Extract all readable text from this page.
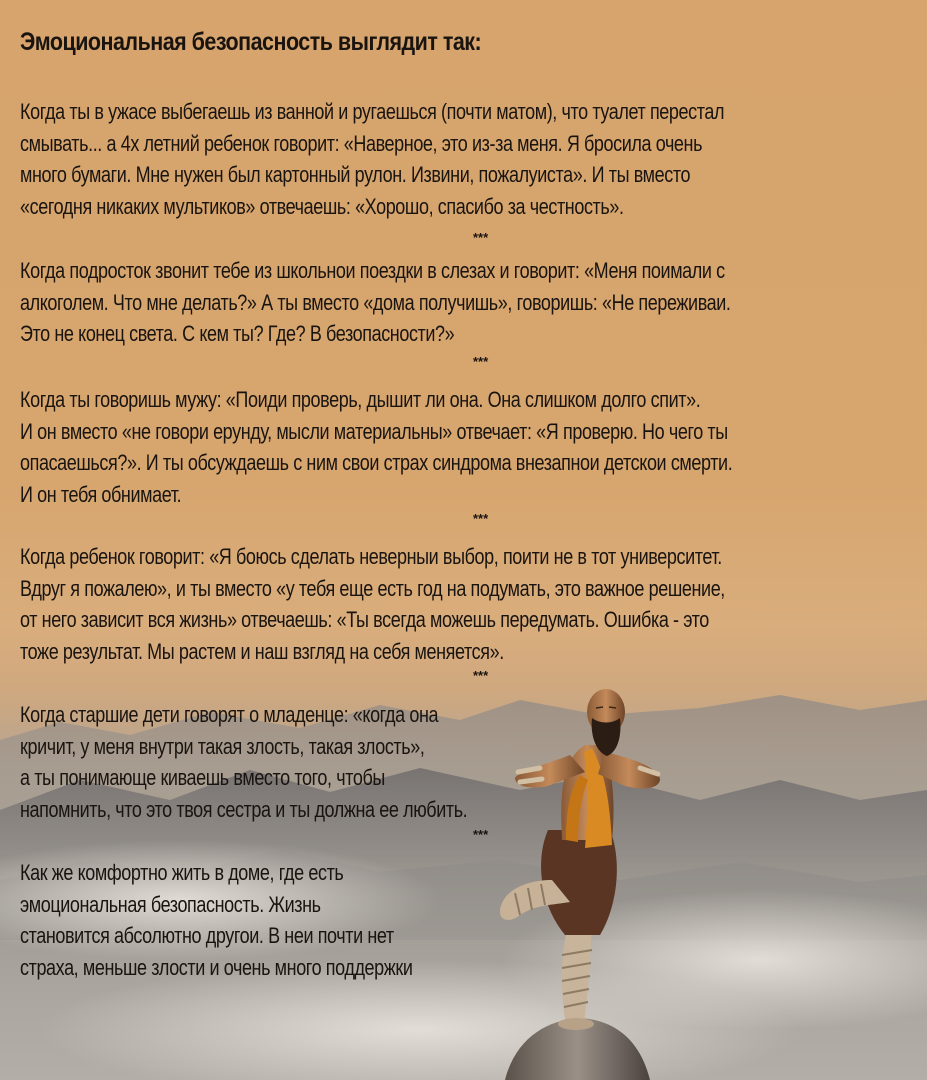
Эмоциональная безопасность выглядит так:
Когда ты в ужасе выбегаешь из ванной и ругаешься (почти матом), что туалет перестал
смывать... а 4х летний ребенок говорит: «Наверное, это из-за меня. Я бросила очень
много бумаги. Мне нужен был картонный рулон. Извини, пожалуиста». И ты вместо
«сегодня никаких мультиков» отвечаешь: «Хорошо, спасибо за честность».
***
Когда подросток звонит тебе из школьнои поездки в слезах и говорит: «Меня поимали с
алкоголем. Что мне делать?» А ты вместо «дома получишь», говоришь: «Не переживаи.
Это не конец света. С кем ты? Где? В безопасности?»
***
Когда ты говоришь мужу: «Поиди проверь, дышит ли она. Она слишком долго спит».
И он вместо «не говори ерунду, мысли материальны» отвечает: «Я проверю. Но чего ты
опасаешься?». И ты обсуждаешь с ним свои страх синдрома внезапнои детскои смерти.
И он тебя обнимает.
***
Когда ребенок говорит: «Я боюсь сделать неверныи выбор, поити не в тот университет.
Вдруг я пожалею», и ты вместо «у тебя еще есть год на подумать, это важное решение,
от него зависит вся жизнь» отвечаешь: «Ты всегда можешь передумать. Ошибка - это
тоже результат. Мы растем и наш взгляд на себя меняется».
***
Когда старшие дети говорят о младенце: «когда она
кричит, у меня внутри такая злость, такая злость»,
а ты понимающе киваешь вместо того, чтобы
напомнить, что это твоя сестра и ты должна ее любить.
***
Как же комфортно жить в доме, где есть
эмоциональная безопасность. Жизнь
становится абсолютно другои. В неи почти нет
страха, меньше злости и очень много поддержки
